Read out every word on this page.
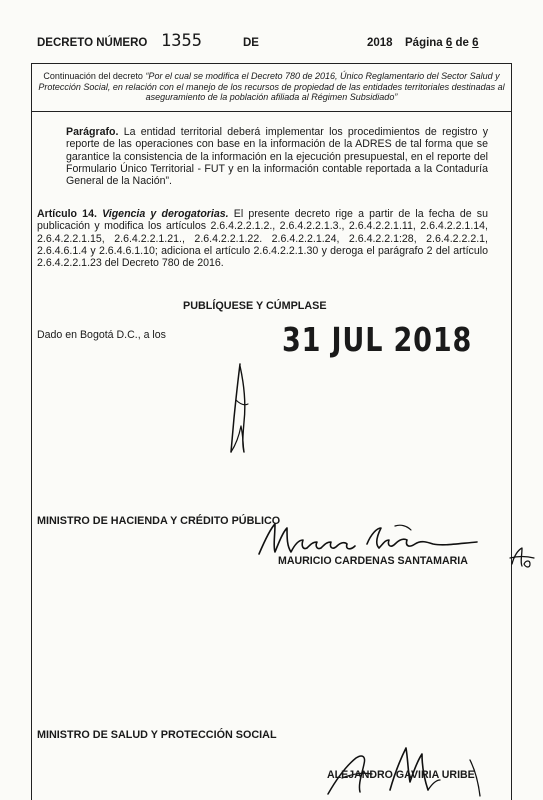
DECRETO NÚMERO 1355	DE	2018 Página 6 de 6
Continuación del decreto “Por el cual se modifica el Decreto 780 de 2016, Único Reglamentario del Sector Salud y Protección Social, en relación con el manejo de los recursos de propiedad de las entidades territoriales destinadas al aseguramiento de la población afiliada al Régimen Subsidiado”
Parágrafo. La entidad territorial deberá implementar los procedimientos de registro y reporte de las operaciones con base en la información de la ADRES de tal forma que se garantice la consistencia de la información en la ejecución presupuestal, en el reporte del Formulario Único Territorial - FUT y en la información contable reportada a la Contaduría General de la Nación”.
Artículo 14. Vigencia y derogatorias. El presente decreto rige a partir de la fecha de su publicación y modifica los artículos 2.6.4.2.2.1.2., 2.6.4.2.2.1.3., 2.6.4.2.2.1.11, 2.6.4.2.2.1.14, 2.6.4.2.2.1.15, 2.6.4.2.2.1.21., 2.6.4.2.2.1.22. 2.6.4.2.2.1.24, 2.6.4.2.2.1:28, 2.6.4.2.2.2.1, 2.6.4.6.1.4 y 2.6.4.6.1.10; adiciona el artículo 2.6.4.2.2.1.30 y deroga el parágrafo 2 del artículo 2.6.4.2.2.1.23 del Decreto 780 de 2016.
PUBLÍQUESE Y CÚMPLASE
Dado en Bogotá D.C., a los	31 JUL 2018
MINISTRO DE HACIENDA Y CRÉDITO PÚBLICO
MAURICIO CARDENAS SANTAMARIA
MINISTRO DE SALUD Y PROTECCIÓN SOCIAL
ALEJANDRO GAVIRIA URIBE
